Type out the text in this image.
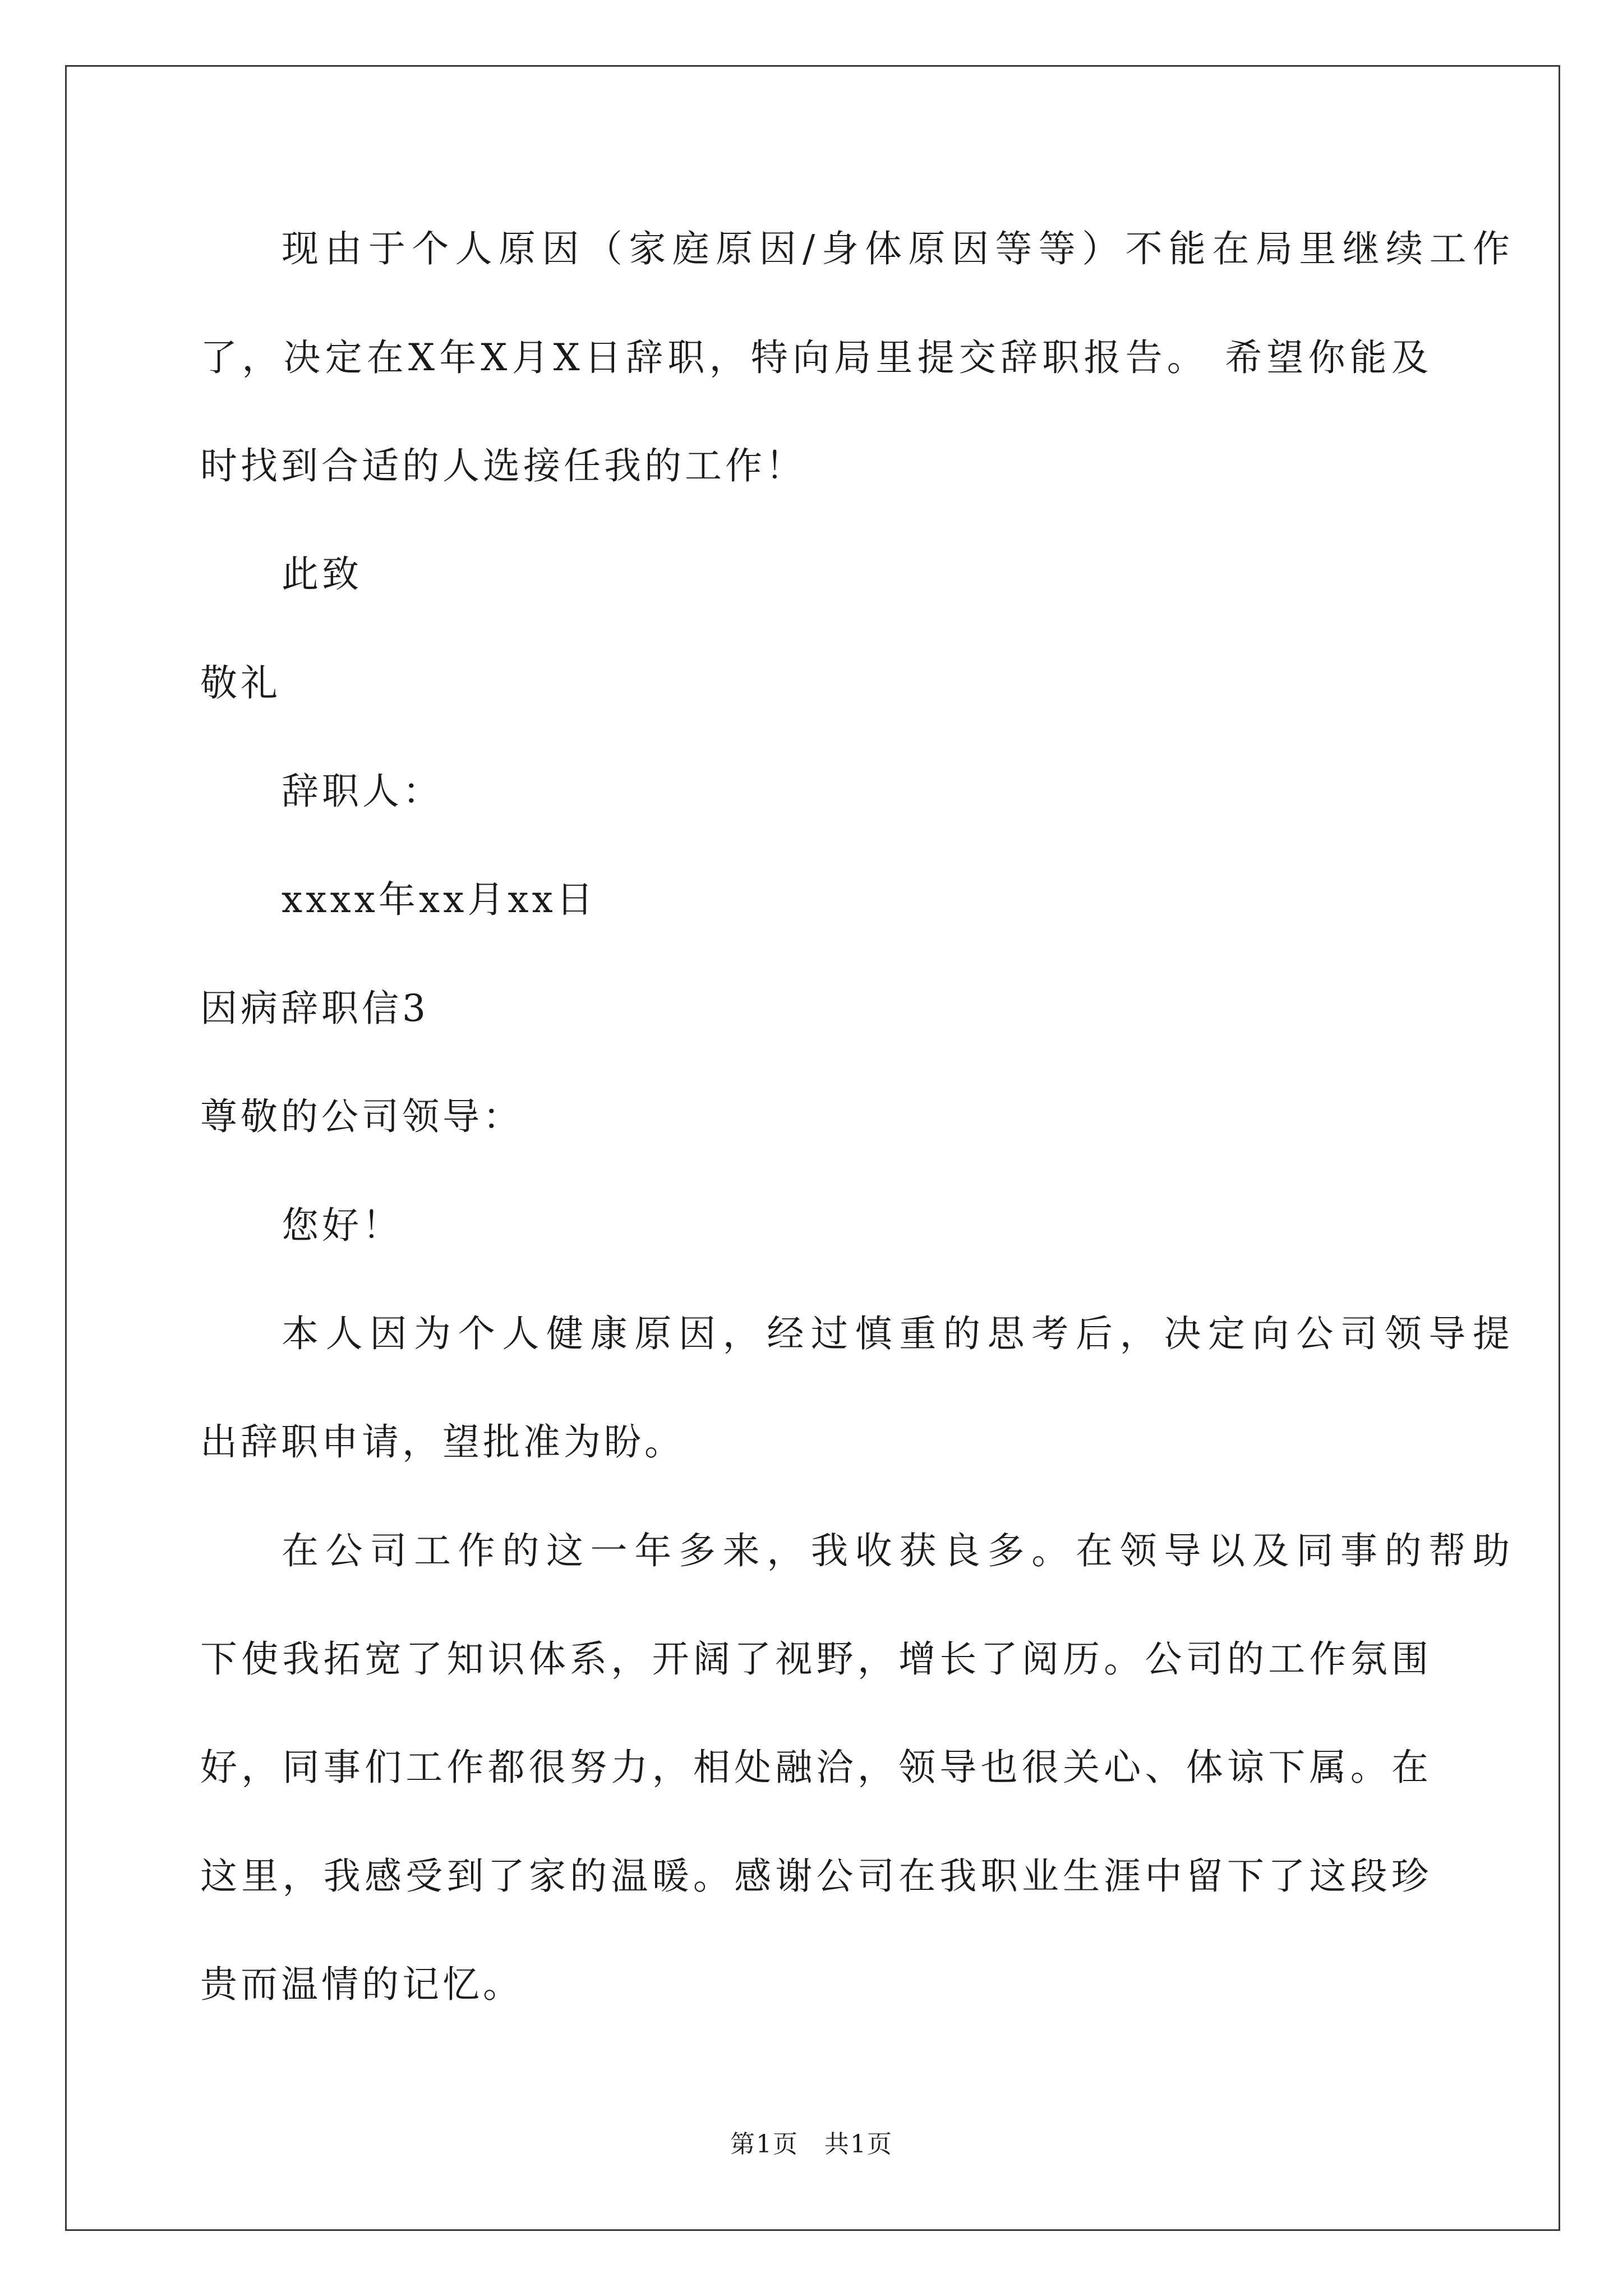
现由于个人原因（家庭原因/身体原因等等）不能在局里继续工作
了，决定在X年X月X日辞职，特向局里提交辞职报告。 希望你能及
时找到合适的人选接任我的工作！
此致
敬礼
辞职人：
xxxx年xx月xx日
因病辞职信3
尊敬的公司领导：
您好！
本人因为个人健康原因，经过慎重的思考后，决定向公司领导提
出辞职申请，望批准为盼。
在公司工作的这一年多来，我收获良多。在领导以及同事的帮助
下使我拓宽了知识体系，开阔了视野，增长了阅历。公司的工作氛围
好，同事们工作都很努力，相处融洽，领导也很关心、体谅下属。在
这里，我感受到了家的温暖。感谢公司在我职业生涯中留下了这段珍
贵而温情的记忆。
第1页　共1页
